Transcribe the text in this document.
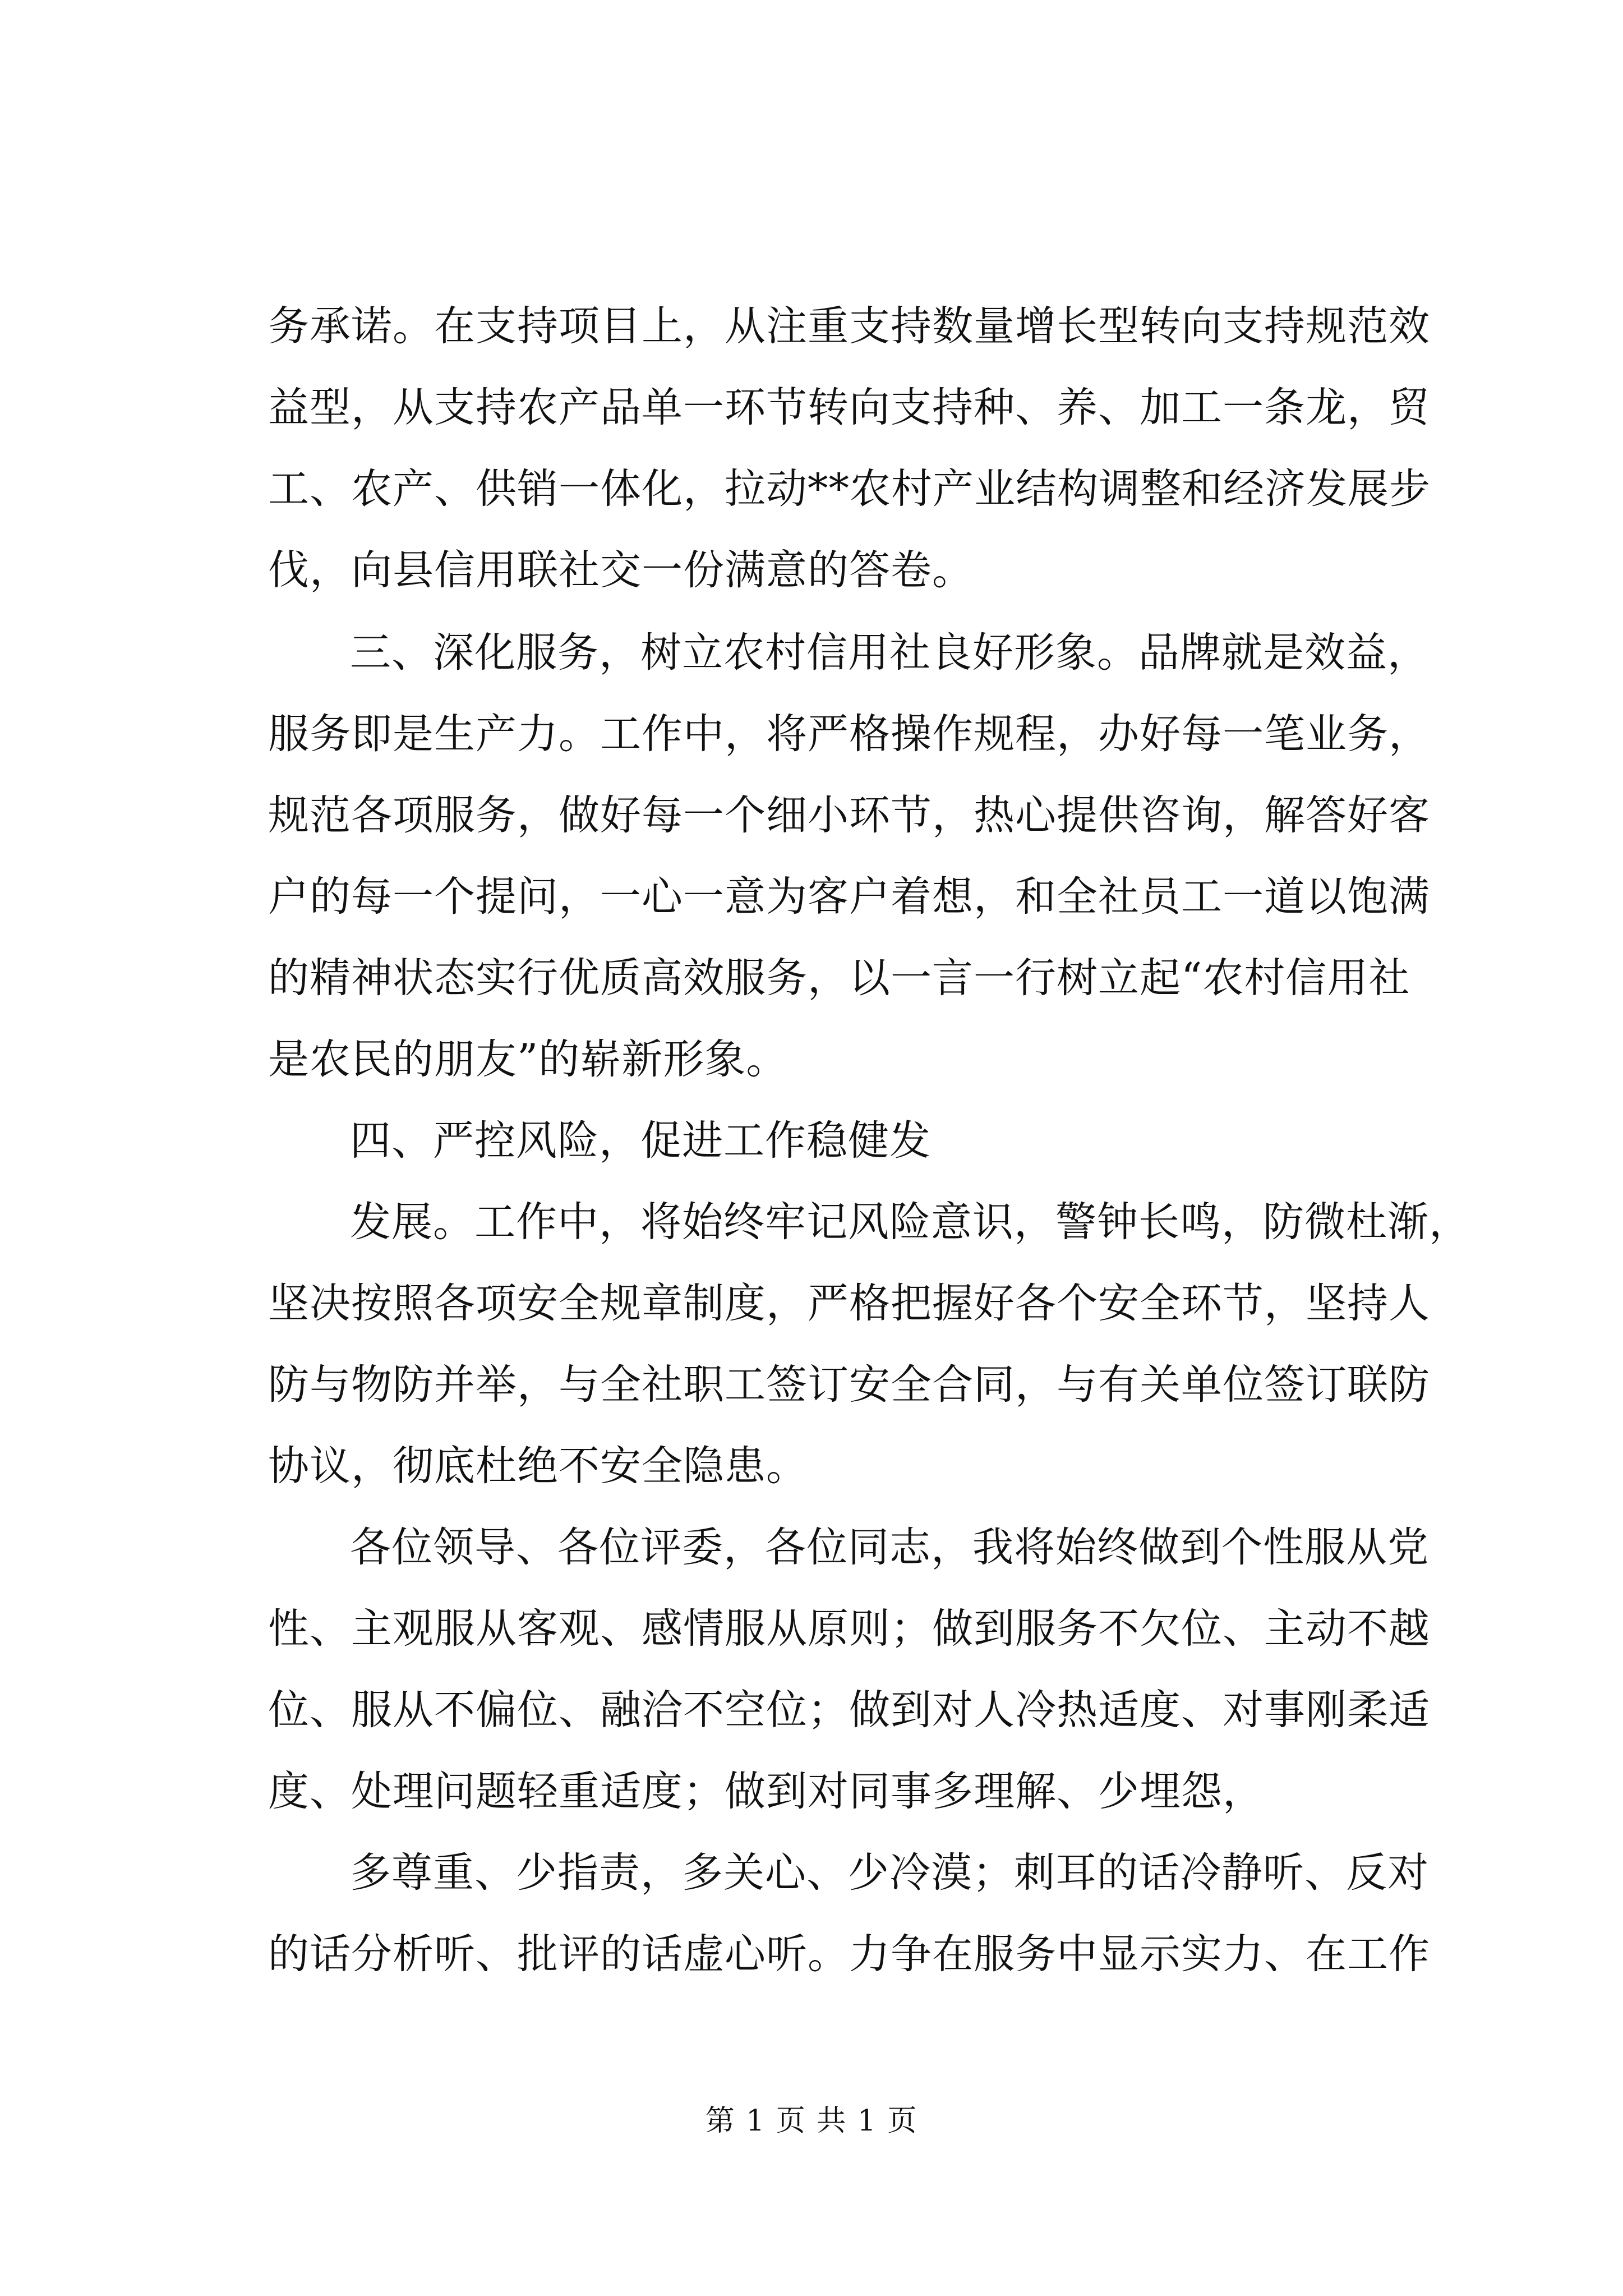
务承诺。在支持项目上，从注重支持数量增长型转向支持规范效
益型，从支持农产品单一环节转向支持种、养、加工一条龙，贸
工、农产、供销一体化，拉动**农村产业结构调整和经济发展步
伐，向县信用联社交一份满意的答卷。
三、深化服务，树立农村信用社良好形象。品牌就是效益，
服务即是生产力。工作中，将严格操作规程，办好每一笔业务，
规范各项服务，做好每一个细小环节，热心提供咨询，解答好客
户的每一个提问，一心一意为客户着想，和全社员工一道以饱满
的精神状态实行优质高效服务，以一言一行树立起“农村信用社
是农民的朋友”的崭新形象。
四、严控风险，促进工作稳健发
发展。工作中，将始终牢记风险意识，警钟长鸣，防微杜渐，
坚决按照各项安全规章制度，严格把握好各个安全环节，坚持人
防与物防并举，与全社职工签订安全合同，与有关单位签订联防
协议，彻底杜绝不安全隐患。
各位领导、各位评委，各位同志，我将始终做到个性服从党
性、主观服从客观、感情服从原则；做到服务不欠位、主动不越
位、服从不偏位、融洽不空位；做到对人冷热适度、对事刚柔适
度、处理问题轻重适度；做到对同事多理解、少埋怨，
多尊重、少指责，多关心、少冷漠；刺耳的话冷静听、反对
的话分析听、批评的话虚心听。力争在服务中显示实力、在工作
第 1 页 共 1 页
